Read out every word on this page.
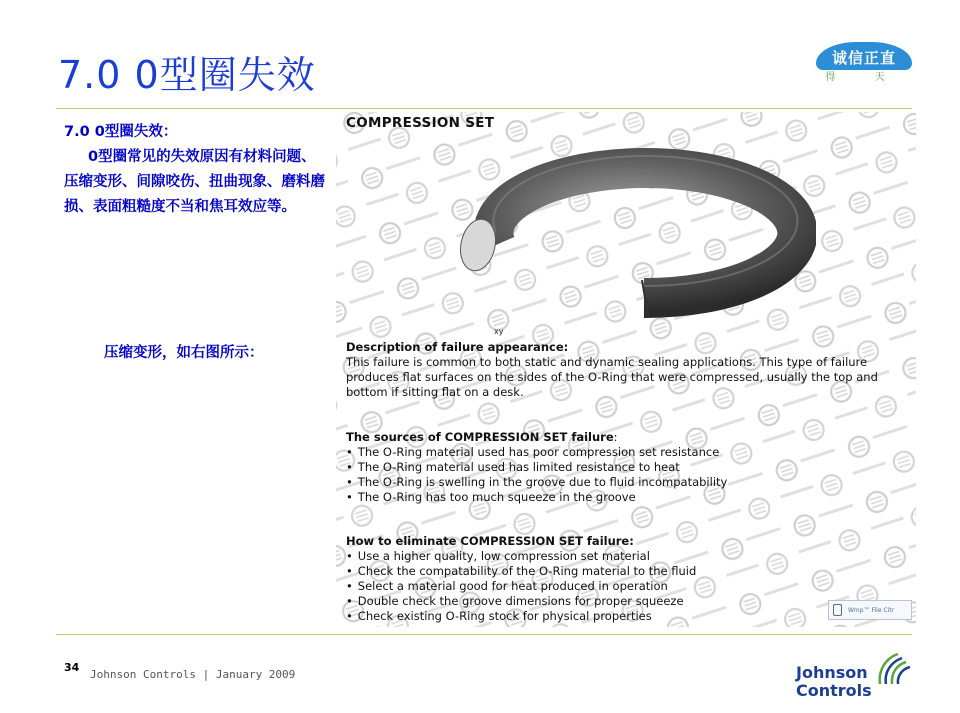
7.0 0型圈失效	诚信正直
得 天

7.0 0型圈失效：

0型圈常见的失效原因有材料问题、压缩变形、间隙咬伤、扭曲现象、磨料磨损、表面粗糙度不当和焦耳效应等。

压缩变形，如右图所示：
COMPRESSION SET
xy
Description of failure appearance:

This failure is common to both static and dynamic sealing applications. This type of failure produces flat surfaces on the sides of the O-Ring that were compressed, usually the top and bottom if sitting flat on a desk.

The sources of COMPRESSION SET failure:
• The O-Ring material used has poor compression set resistance
• The O-Ring material used has limited resistance to heat
• The O-Ring is swelling in the groove due to fluid incompatability
• The O-Ring has too much squeeze in the groove
How to eliminate COMPRESSION SET failure:
• Use a higher quality, low compression set material
• Check the compatability of the O-Ring material to the fluid
• Select a material good for heat produced in operation
• Double check the groove dimensions for proper squeeze
• Check existing O-Ring stock for physical properties	Wmp™ File Citr
34
Johnson Controls | January 2009	Johnson
Controls
